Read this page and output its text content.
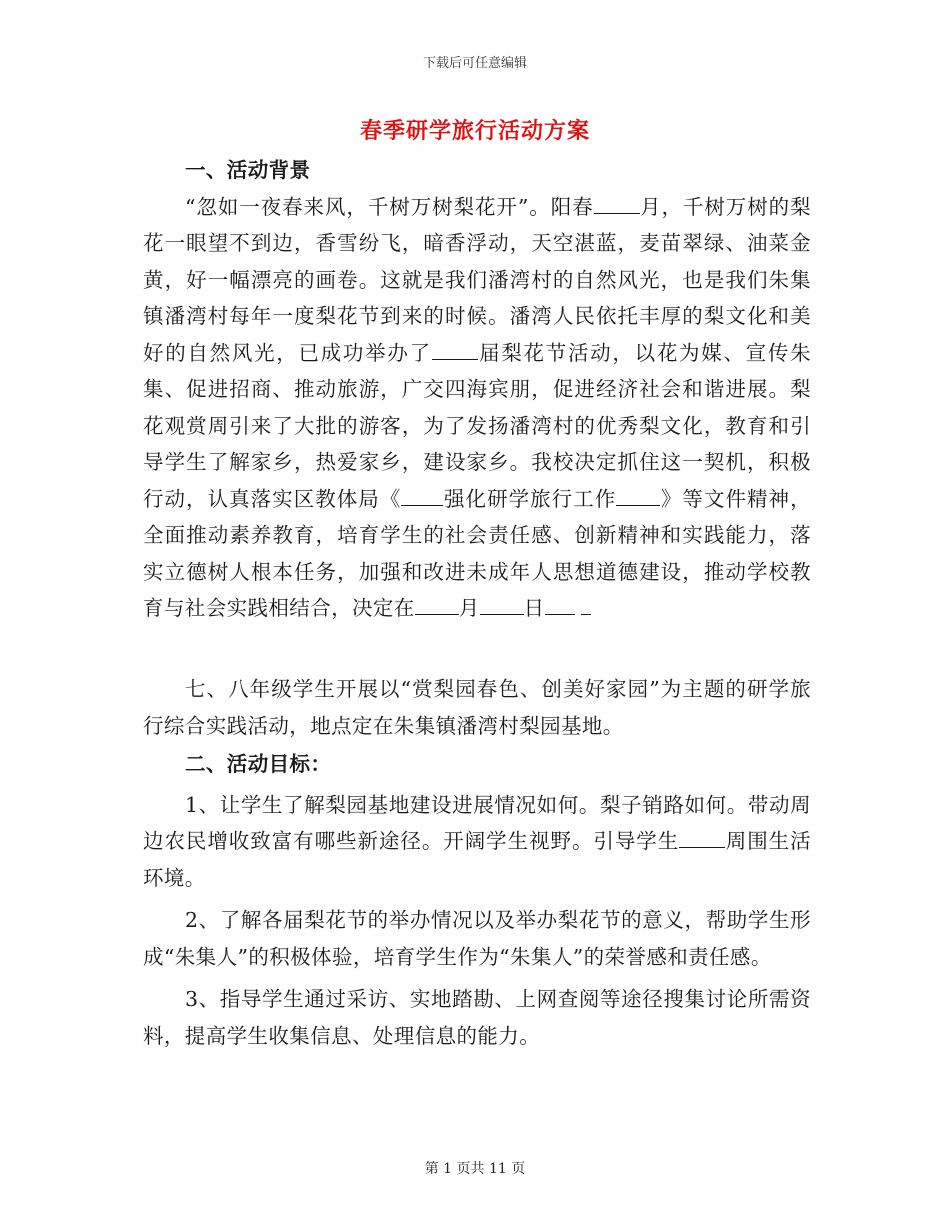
下载后可任意编辑
春季研学旅行活动方案
一、活动背景

“忽如一夜春来风，千树万树梨花开”。阳春 月，千树万树的梨花一眼望不到边，香雪纷飞，暗香浮动，天空湛蓝，麦苗翠绿、油菜金黄，好一幅漂亮的画卷。这就是我们潘湾村的自然风光，也是我们朱集镇潘湾村每年一度梨花节到来的时候。潘湾人民依托丰厚的梨文化和美好的自然风光，已成功举办了 届梨花节活动，以花为媒、宣传朱集、促进招商、推动旅游，广交四海宾朋，促进经济社会和谐进展。梨花观赏周引来了大批的游客，为了发扬潘湾村的优秀梨文化，教育和引导学生了解家乡，热爱家乡，建设家乡。我校决定抓住这一契机，积极行动，认真落实区教体局《 强化研学旅行工作 》等文件精神，全面推动素养教育，培育学生的社会责任感、创新精神和实践能力，落实立德树人根本任务，加强和改进未成年人思想道德建设，推动学校教育与社会实践相结合，决定在 月 日

七、八年级学生开展以“赏梨园春色、创美好家园”为主题的研学旅行综合实践活动，地点定在朱集镇潘湾村梨园基地。

二、活动目标：

1、让学生了解梨园基地建设进展情况如何。梨子销路如何。带动周边农民增收致富有哪些新途径。开阔学生视野。引导学生 周围生活环境。

2、了解各届梨花节的举办情况以及举办梨花节的意义，帮助学生形成“朱集人”的积极体验，培育学生作为“朱集人”的荣誉感和责任感。

3、指导学生通过采访、实地踏勘、上网查阅等途径搜集讨论所需资料，提高学生收集信息、处理信息的能力。

第 1 页共 11 页
